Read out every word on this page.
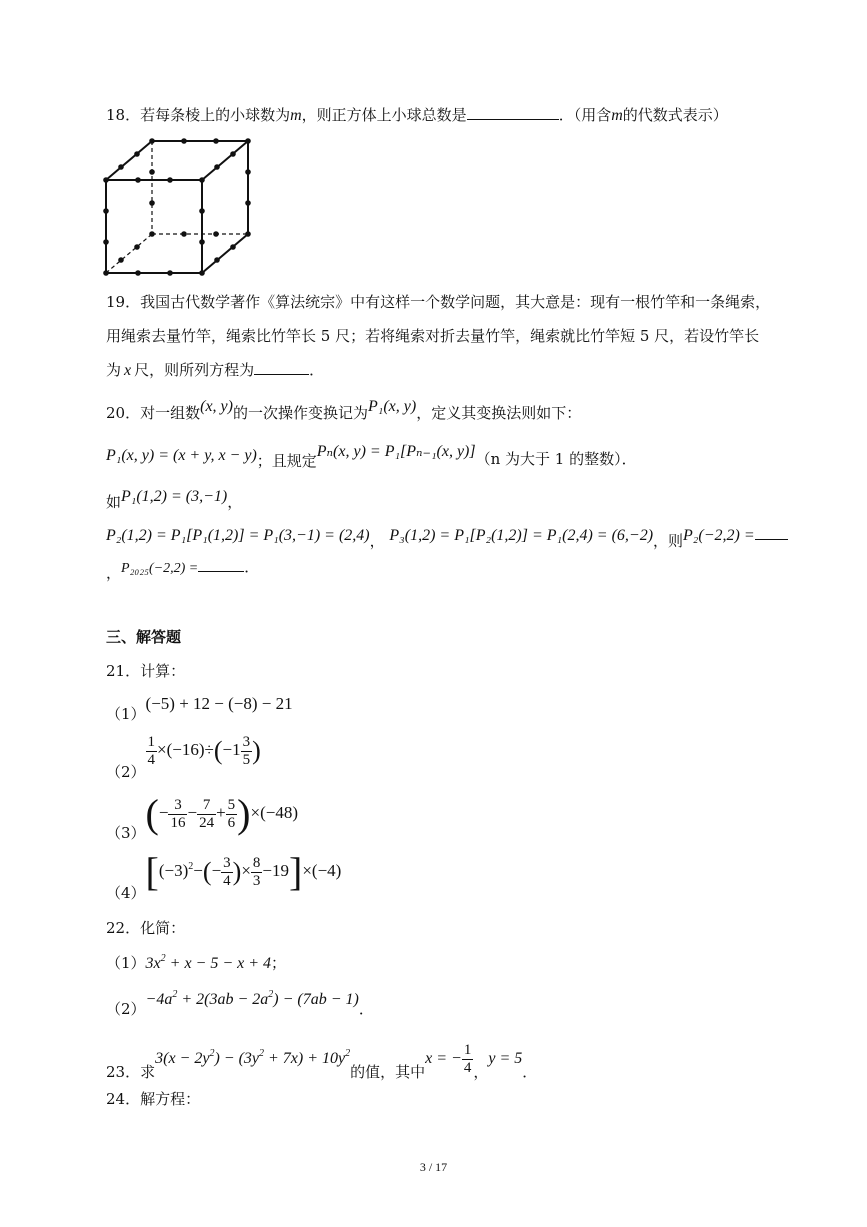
18．若每条棱上的小球数为m，则正方体上小球总数是	．（用含m的代数式表示）
19．我国古代数学著作《算法统宗》中有这样一个数学问题，其大意是：现有一根竹竿和一条绳索，
用绳索去量竹竿，绳索比竹竿长 5 尺；若将绳索对折去量竹竿，绳索就比竹竿短 5 尺，若设竹竿长
为 x 尺，则所列方程为	．
20．对一组数(x, y)的一次操作变换记为P₁(x, y)，定义其变换法则如下：
P₁(x, y) = (x + y, x − y)；且规定Pₙ(x, y) = P₁[Pₙ₋₁(x, y)]（n 为大于 1 的整数）．
如P₁(1,2) = (3,−1)，
P₂(1,2) = P₁[P₁(1,2)] = P₁(3,−1) = (2,4)， P₃(1,2) = P₁[P₂(1,2)] = P₁(2,4) = (6,−2)，则P₂(−2,2) =
，P₂₀₂₅(−2,2) =	．
三、解答题
21．计算：
（1）(−5) + 12 − (−8) − 21
（2）
$\frac{1}{4} \times(-16)\div(-1 \frac{3}{5}$ )
$(3)(- \frac{3}{16} - \frac{7}{24} + \frac{5}{6} )\times(-48)$
$(4)[(-3)^2-(- \frac{3}{4}$ )× $\frac{8}{3} -19]\times(-4)$
22．化简：
$(1)3x^2 + x - 5 - x + 4$；
$(2)-4a^2 + 2(3ab - 2a^2) - (7ab - 1)$．
23．求$3(x - 2y^2) - (3y^2 + 7x) + 10y^2$的值，其中x = − $\frac{1}{4}$ ，y = 5．
24．解方程：
3 / 17
